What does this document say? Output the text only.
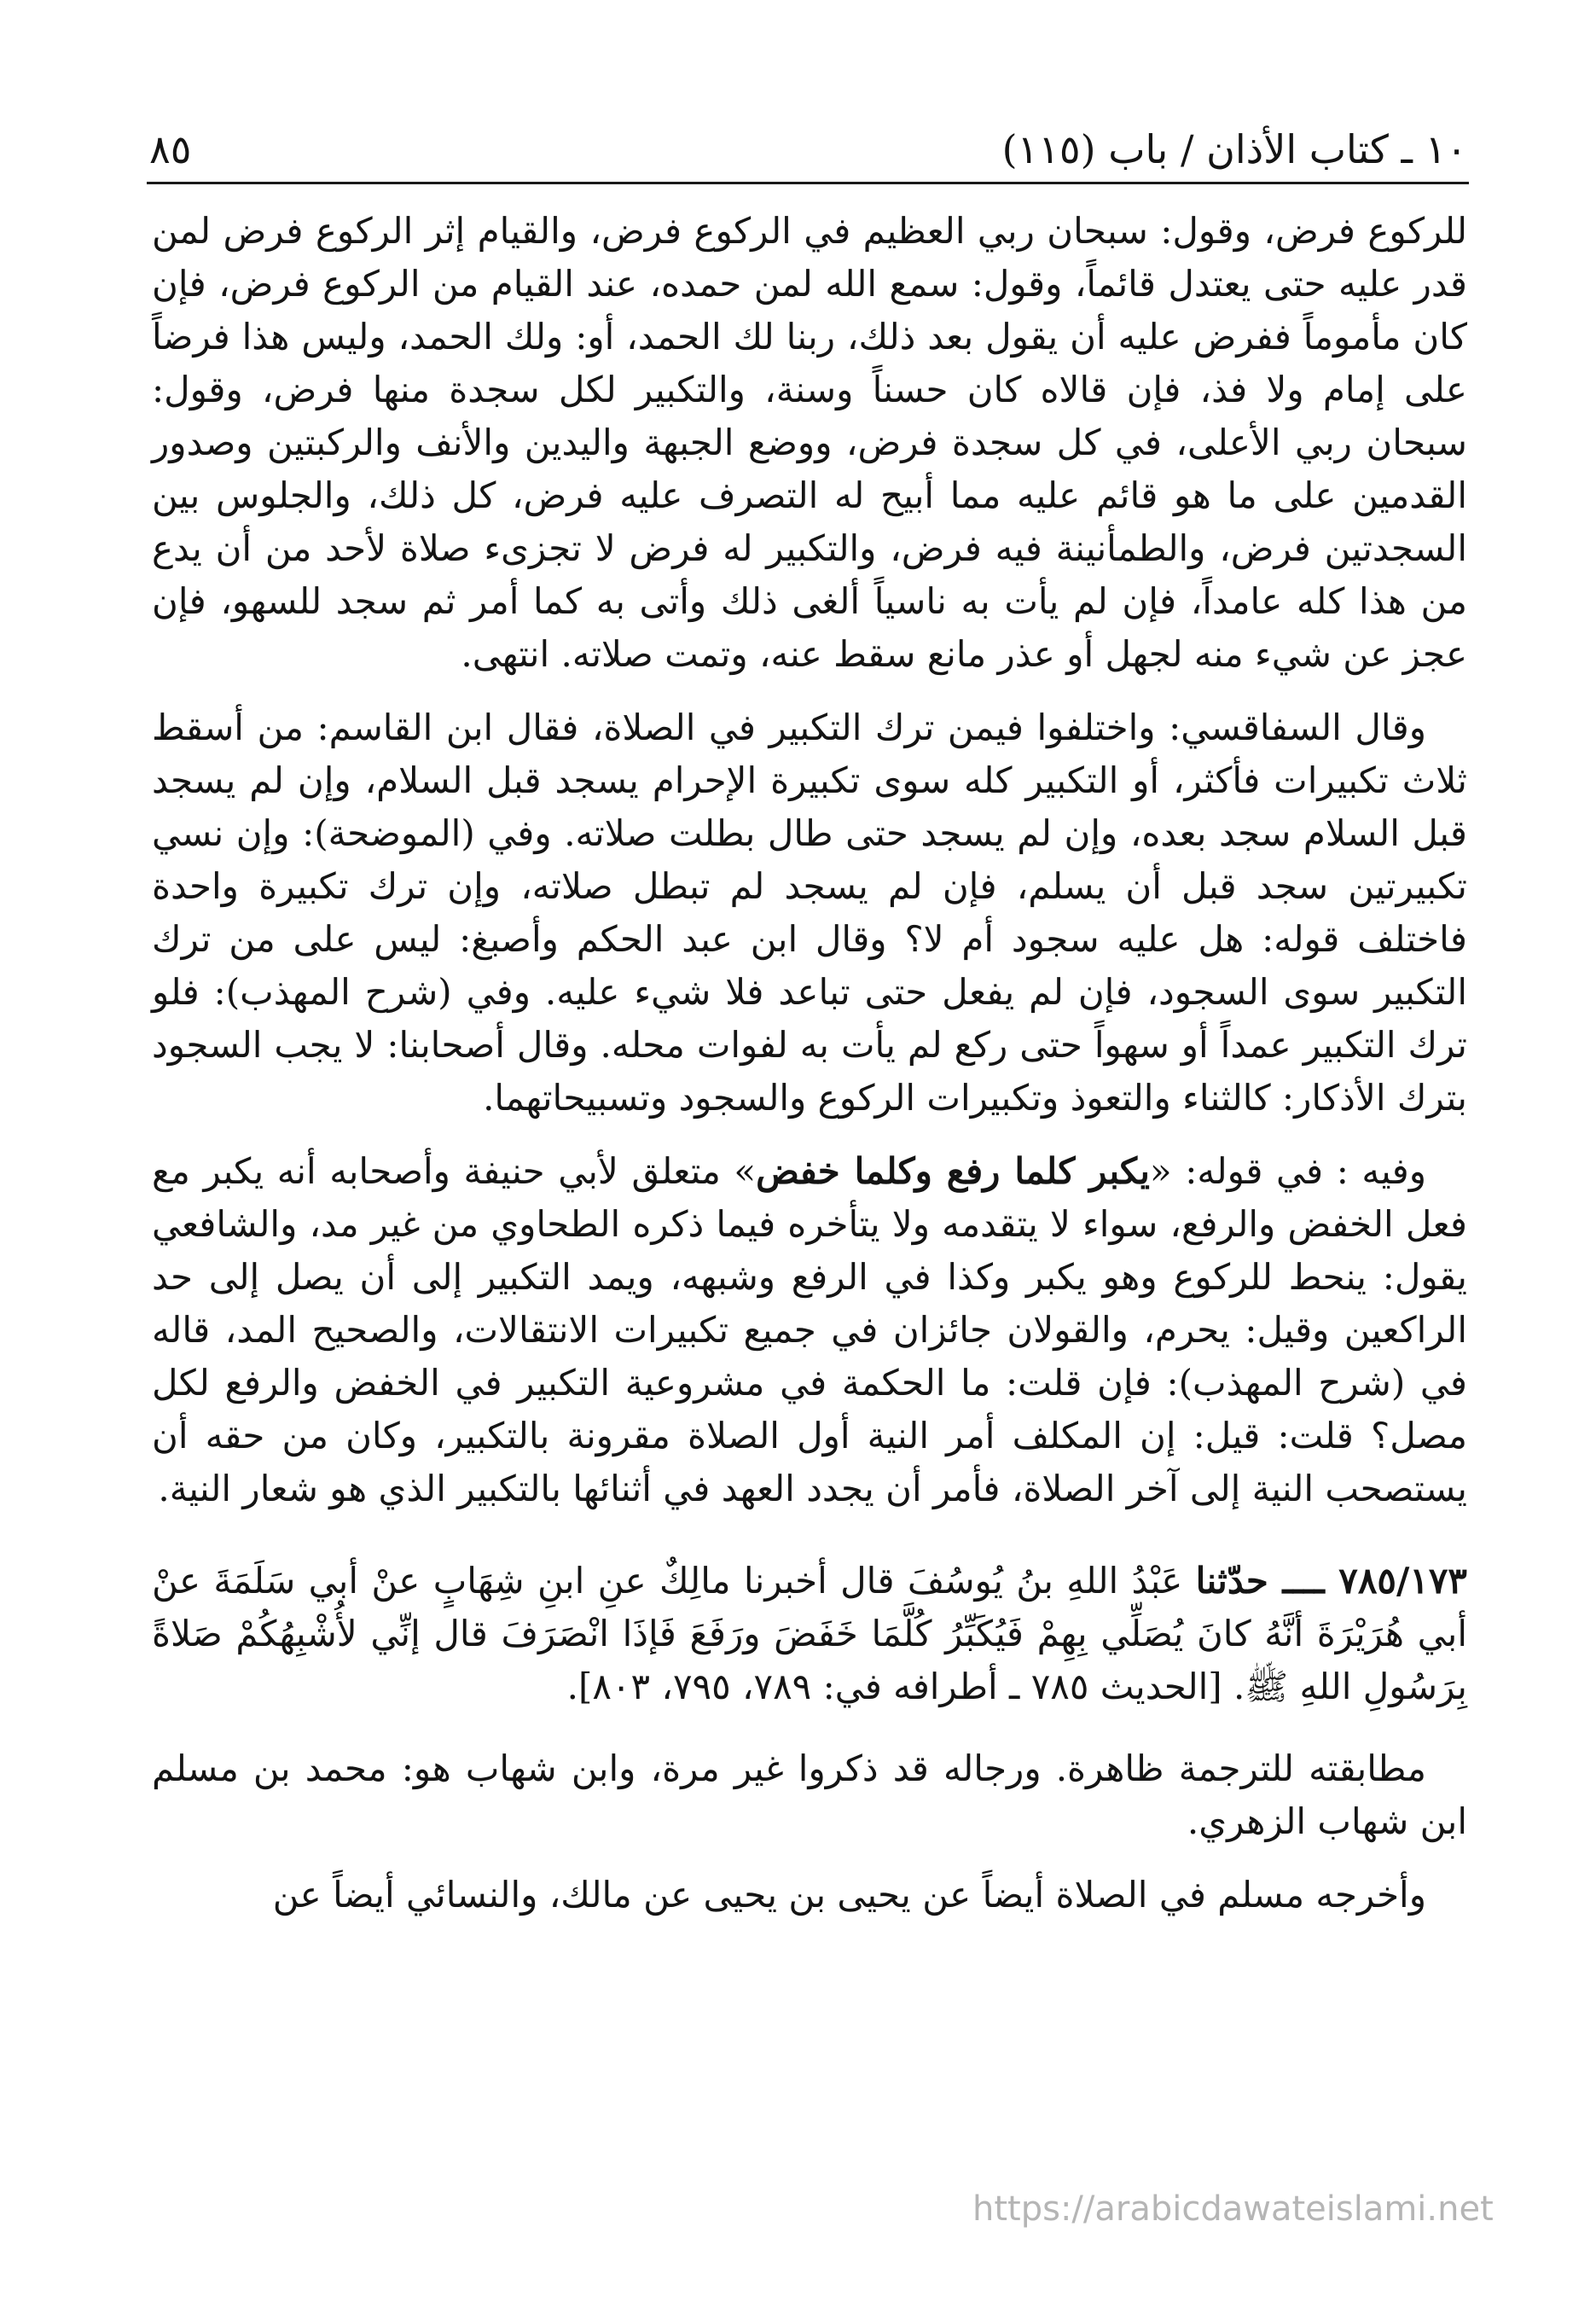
١٠ ـ كتاب الأذان / باب (١١٥)
٨٥

للركوع فرض، وقول: سبحان ربي العظيم في الركوع فرض، والقيام إثر الركوع فرض لمن قدر عليه حتى يعتدل قائماً، وقول: سمع الله لمن حمده، عند القيام من الركوع فرض، فإن كان مأموماً ففرض عليه أن يقول بعد ذلك، ربنا لك الحمد، أو: ولك الحمد، وليس هذا فرضاً على إمام ولا فذ، فإن قالاه كان حسناً وسنة، والتكبير لكل سجدة منها فرض، وقول: سبحان ربي الأعلى، في كل سجدة فرض، ووضع الجبهة واليدين والأنف والركبتين وصدور القدمين على ما هو قائم عليه مما أبيح له التصرف عليه فرض، كل ذلك، والجلوس بين السجدتين فرض، والطمأنينة فيه فرض، والتكبير له فرض لا تجزىء صلاة لأحد من أن يدع من هذا كله عامداً، فإن لم يأت به ناسياً ألغى ذلك وأتى به كما أمر ثم سجد للسهو، فإن عجز عن شيء منه لجهل أو عذر مانع سقط عنه، وتمت صلاته. انتهى.

وقال السفاقسي: واختلفوا فيمن ترك التكبير في الصلاة، فقال ابن القاسم: من أسقط ثلاث تكبيرات فأكثر، أو التكبير كله سوى تكبيرة الإحرام يسجد قبل السلام، وإن لم يسجد قبل السلام سجد بعده، وإن لم يسجد حتى طال بطلت صلاته. وفي (الموضحة): وإن نسي تكبيرتين سجد قبل أن يسلم، فإن لم يسجد لم تبطل صلاته، وإن ترك تكبيرة واحدة فاختلف قوله: هل عليه سجود أم لا؟ وقال ابن عبد الحكم وأصبغ: ليس على من ترك التكبير سوى السجود، فإن لم يفعل حتى تباعد فلا شيء عليه. وفي (شرح المهذب): فلو ترك التكبير عمداً أو سهواً حتى ركع لم يأت به لفوات محله. وقال أصحابنا: لا يجب السجود بترك الأذكار: كالثناء والتعوذ وتكبيرات الركوع والسجود وتسبيحاتهما.

وفيه : في قوله: «يكبر كلما رفع وكلما خفض» متعلق لأبي حنيفة وأصحابه أنه يكبر مع فعل الخفض والرفع، سواء لا يتقدمه ولا يتأخره فيما ذكره الطحاوي من غير مد، والشافعي يقول: ينحط للركوع وهو يكبر وكذا في الرفع وشبهه، ويمد التكبير إلى أن يصل إلى حد الراكعين وقيل: يحرم، والقولان جائزان في جميع تكبيرات الانتقالات، والصحيح المد، قاله في (شرح المهذب): فإن قلت: ما الحكمة في مشروعية التكبير في الخفض والرفع لكل مصل؟ قلت: قيل: إن المكلف أمر النية أول الصلاة مقرونة بالتكبير، وكان من حقه أن يستصحب النية إلى آخر الصلاة، فأمر أن يجدد العهد في أثنائها بالتكبير الذي هو شعار النية.

٧٨٥/١٧٣ ــــ حدّثنا عَبْدُ اللهِ بنُ يُوسُفَ قال أخبرنا مالِكٌ عنِ ابنِ شِهَابٍ عنْ أبي سَلَمَةَ عنْ أبي هُرَيْرَةَ أنَّهُ كانَ يُصَلِّي بِهِمْ فَيُكَبِّرُ كُلَّمَا خَفَضَ ورَفَعَ فَإذَا انْصَرَفَ قال إنِّي لأُشْبِهُكُمْ صَلاةً بِرَسُولِ اللهِ ﷺ. [الحديث ٧٨٥ ـ أطرافه في: ٧٨٩، ٧٩٥، ٨٠٣].

مطابقته للترجمة ظاهرة. ورجاله قد ذكروا غير مرة، وابن شهاب هو: محمد بن مسلم ابن شهاب الزهري.

وأخرجه مسلم في الصلاة أيضاً عن يحيى بن يحيى عن مالك، والنسائي أيضاً عن

https://arabicdawateislami.net
